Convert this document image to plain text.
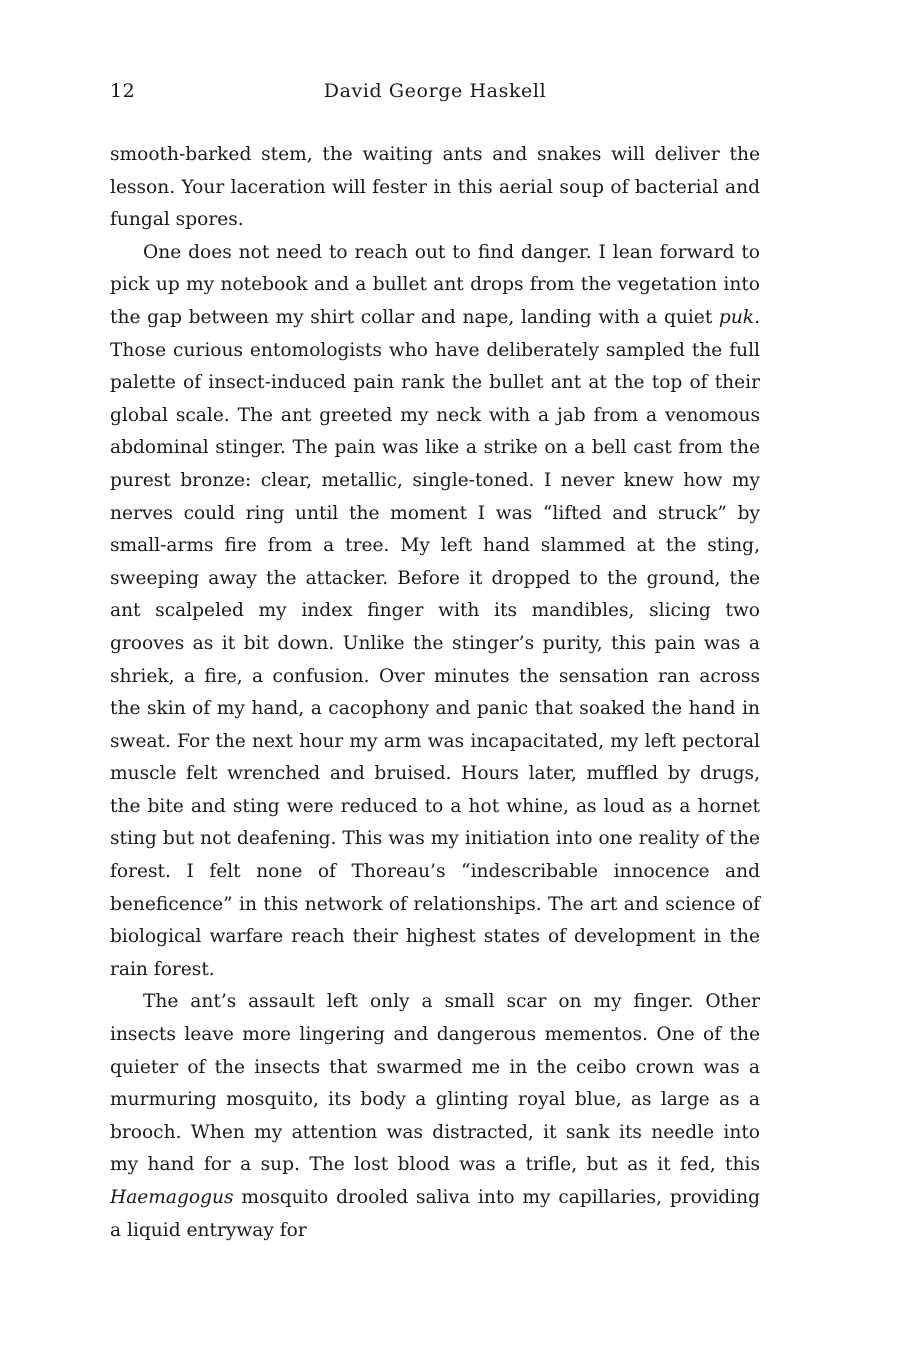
12	David George Haskell

smooth-barked stem, the waiting ants and snakes will deliver the lesson. Your laceration will fester in this aerial soup of bacterial and fungal spores.

One does not need to reach out to find danger. I lean forward to pick up my notebook and a bullet ant drops from the vegetation into the gap between my shirt collar and nape, landing with a quiet puk. Those curious entomologists who have deliberately sampled the full palette of insect-induced pain rank the bullet ant at the top of their global scale. The ant greeted my neck with a jab from a venomous abdominal stinger. The pain was like a strike on a bell cast from the purest bronze: clear, metallic, single-toned. I never knew how my nerves could ring until the moment I was “lifted and struck” by small-arms fire from a tree. My left hand slammed at the sting, sweeping away the attacker. Before it dropped to the ground, the ant scalpeled my index finger with its mandibles, slicing two grooves as it bit down. Unlike the stinger’s purity, this pain was a shriek, a fire, a confusion. Over minutes the sensation ran across the skin of my hand, a cacophony and panic that soaked the hand in sweat. For the next hour my arm was incapacitated, my left pectoral muscle felt wrenched and bruised. Hours later, muffled by drugs, the bite and sting were reduced to a hot whine, as loud as a hornet sting but not deafening. This was my initiation into one reality of the forest. I felt none of Thoreau’s “indescribable innocence and beneficence” in this network of relationships. The art and science of biological warfare reach their highest states of development in the rain forest.

The ant’s assault left only a small scar on my finger. Other insects leave more lingering and dangerous mementos. One of the quieter of the insects that swarmed me in the ceibo crown was a murmuring mosquito, its body a glinting royal blue, as large as a brooch. When my attention was distracted, it sank its needle into my hand for a sup. The lost blood was a trifle, but as it fed, this Haemagogus mosquito drooled saliva into my capillaries, providing a liquid entryway for
